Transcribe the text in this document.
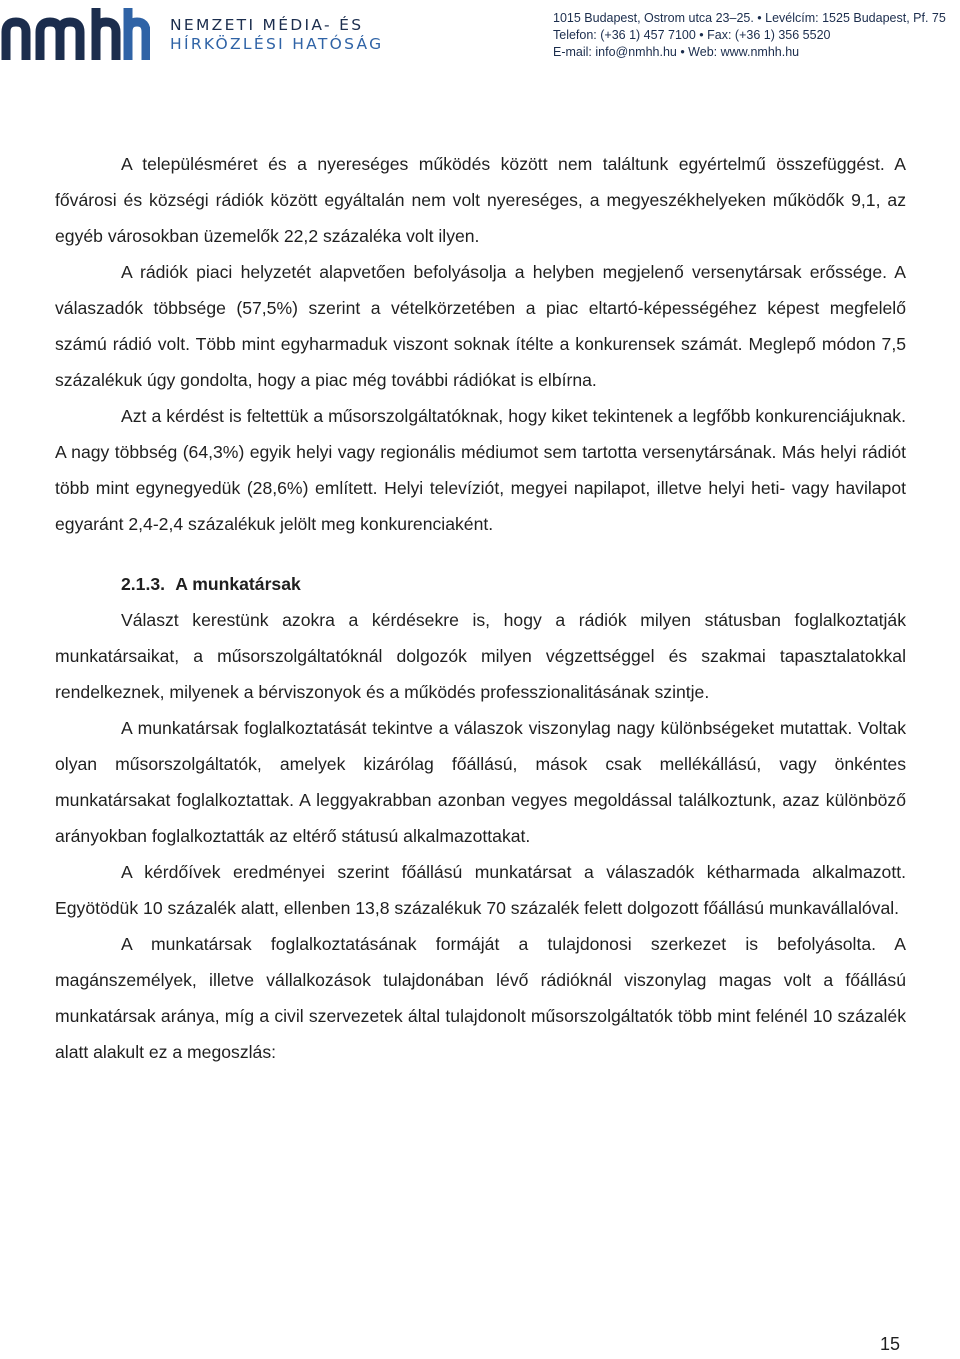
NEMZETI MÉDIA- ÉS
HÍRKÖZLÉSI HATÓSÁG
1015 Budapest, Ostrom utca 23–25. • Levélcím: 1525 Budapest, Pf. 75
Telefon: (+36 1) 457 7100 • Fax: (+36 1) 356 5520
E-mail: info@nmhh.hu • Web: www.nmhh.hu

A településméret és a nyereséges működés között nem találtunk egyértelmű összefüggést. A fővárosi és községi rádiók között egyáltalán nem volt nyereséges, a megyeszékhelyeken működők 9,1, az egyéb városokban üzemelők 22,2 százaléka volt ilyen.

A rádiók piaci helyzetét alapvetően befolyásolja a helyben megjelenő versenytársak erőssége. A válaszadók többsége (57,5%) szerint a vételkörzetében a piac eltartó-képességéhez képest megfelelő számú rádió volt. Több mint egyharmaduk viszont soknak ítélte a konkurensek számát. Meglepő módon 7,5 százalékuk úgy gondolta, hogy a piac még további rádiókat is elbírna.

Azt a kérdést is feltettük a műsorszolgáltatóknak, hogy kiket tekintenek a legfőbb konkurenciájuknak. A nagy többség (64,3%) egyik helyi vagy regionális médiumot sem tartotta versenytársának. Más helyi rádiót több mint egynegyedük (28,6%) említett. Helyi televíziót, megyei napilapot, illetve helyi heti- vagy havilapot egyaránt 2,4-2,4 százalékuk jelölt meg konkurenciaként.

2.1.3. A munkatársak

Választ kerestünk azokra a kérdésekre is, hogy a rádiók milyen státusban foglalkoztatják munkatársaikat, a műsorszolgáltatóknál dolgozók milyen végzettséggel és szakmai tapasztalatokkal rendelkeznek, milyenek a bérviszonyok és a működés professzionalitásának szintje.

A munkatársak foglalkoztatását tekintve a válaszok viszonylag nagy különbségeket mutattak. Voltak olyan műsorszolgáltatók, amelyek kizárólag főállású, mások csak mellékállású, vagy önkéntes munkatársakat foglalkoztattak. A leggyakrabban azonban vegyes megoldással találkoztunk, azaz különböző arányokban foglalkoztatták az eltérő státusú alkalmazottakat.

A kérdőívek eredményei szerint főállású munkatársat a válaszadók kétharmada alkalmazott. Egyötödük 10 százalék alatt, ellenben 13,8 százalékuk 70 százalék felett dolgozott főállású munkavállalóval.

A munkatársak foglalkoztatásának formáját a tulajdonosi szerkezet is befolyásolta. A magánszemélyek, illetve vállalkozások tulajdonában lévő rádióknál viszonylag magas volt a főállású munkatársak aránya, míg a civil szervezetek által tulajdonolt műsorszolgáltatók több mint felénél 10 százalék alatt alakult ez a megoszlás:

15
